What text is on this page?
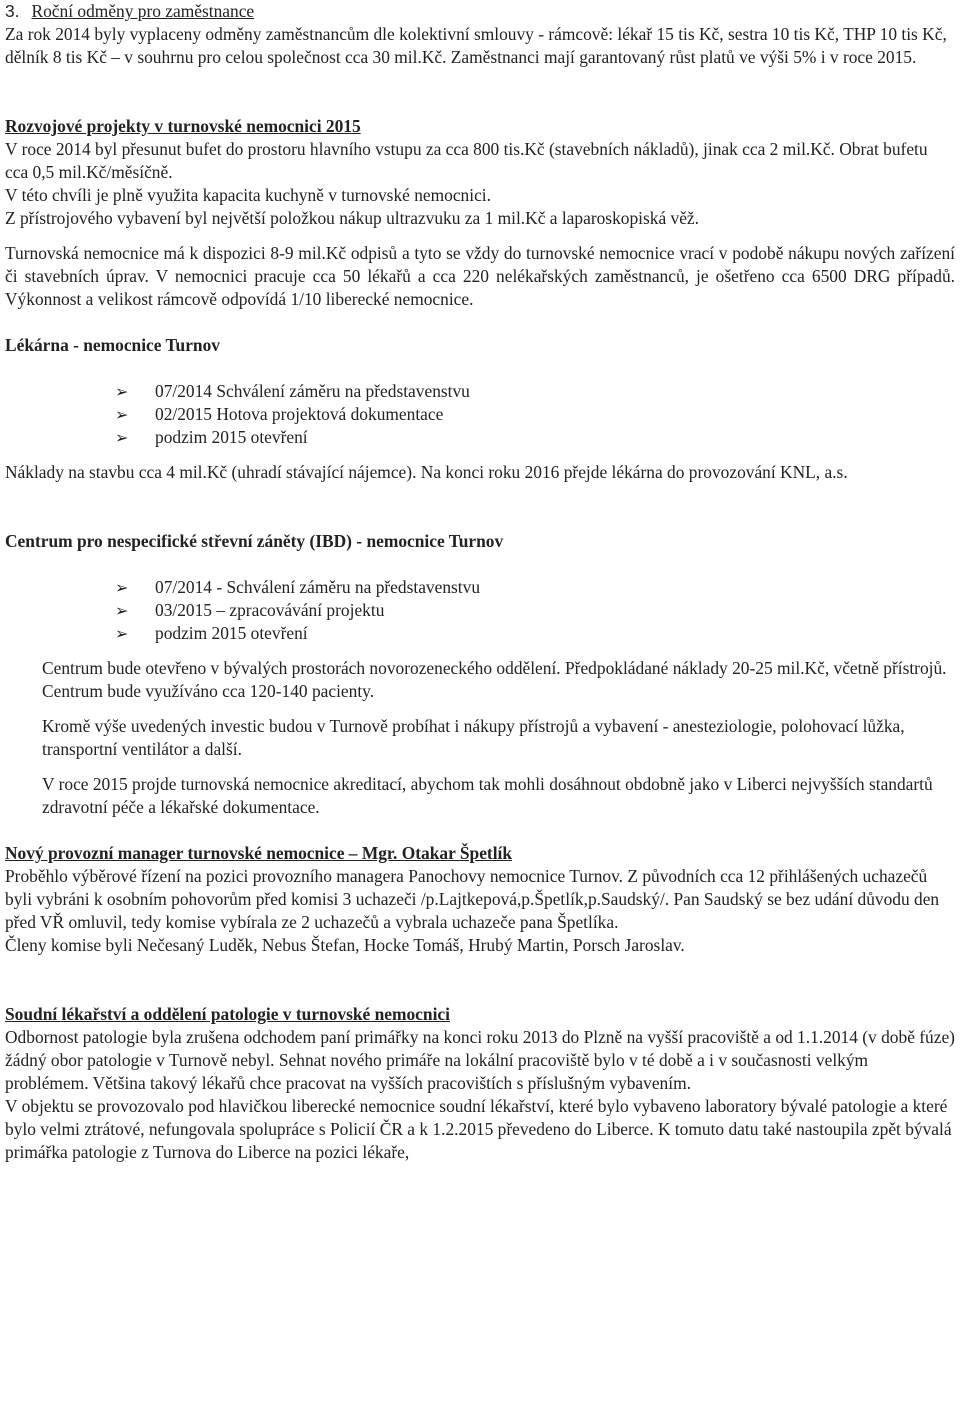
3. Roční odměny pro zaměstnance

Za rok 2014 byly vyplaceny odměny zaměstnancům dle kolektivní smlouvy - rámcově: lékař 15 tis Kč, sestra 10 tis Kč, THP 10 tis Kč, dělník 8 tis Kč – v souhrnu pro celou společnost cca 30 mil.Kč. Zaměstnanci mají garantovaný růst platů ve výši 5% i v roce 2015.

Rozvojové projekty v turnovské nemocnici 2015

V roce 2014 byl přesunut bufet do prostoru hlavního vstupu za cca 800 tis.Kč (stavebních nákladů), jinak cca 2 mil.Kč. Obrat bufetu cca 0,5 mil.Kč/měsíčně.

V této chvíli je plně využita kapacita kuchyně v turnovské nemocnici.

Z přístrojového vybavení byl největší položkou nákup ultrazvuku za 1 mil.Kč a laparoskopiská věž.

Turnovská nemocnice má k dispozici 8-9 mil.Kč odpisů a tyto se vždy do turnovské nemocnice vrací v podobě nákupu nových zařízení či stavebních úprav. V nemocnici pracuje cca 50 lékařů a cca 220 nelékařských zaměstnanců, je ošetřeno cca 6500 DRG případů. Výkonnost a velikost rámcově odpovídá 1/10 liberecké nemocnice.

Lékárna - nemocnice Turnov

➢	07/2014 Schválení záměru na představenstvu
➢	02/2015 Hotova projektová dokumentace
➢	podzim 2015 otevření

Náklady na stavbu cca 4 mil.Kč (uhradí stávající nájemce). Na konci roku 2016 přejde lékárna do provozování KNL, a.s.

Centrum pro nespecifické střevní záněty (IBD) - nemocnice Turnov

➢	07/2014 - Schválení záměru na představenstvu
➢	03/2015 – zpracovávání projektu
➢	podzim 2015 otevření

Centrum bude otevřeno v bývalých prostorách novorozeneckého oddělení. Předpokládané náklady 20-25 mil.Kč, včetně přístrojů. Centrum bude využíváno cca 120-140 pacienty.

Kromě výše uvedených investic budou v Turnově probíhat i nákupy přístrojů a vybavení - anesteziologie, polohovací lůžka, transportní ventilátor a další.

V roce 2015 projde turnovská nemocnice akreditací, abychom tak mohli dosáhnout obdobně jako v Liberci nejvyšších standartů zdravotní péče a lékařské dokumentace.

Nový provozní manager turnovské nemocnice – Mgr. Otakar Špetlík

Proběhlo výběrové řízení na pozici provozního managera Panochovy nemocnice Turnov. Z původních cca 12 přihlášených uchazečů byli vybráni k osobním pohovorům před komisi 3 uchazeči /p.Lajtkepová,p.Špetlík,p.Saudský/. Pan Saudský se bez udání důvodu den před VŘ omluvil, tedy komise vybírala ze 2 uchazečů a vybrala uchazeče pana Špetlíka.

Členy komise byli Nečesaný Luděk, Nebus Štefan, Hocke Tomáš, Hrubý Martin, Porsch Jaroslav.

Soudní lékařství a oddělení patologie v turnovské nemocnici

Odbornost patologie byla zrušena odchodem paní primářky na konci roku 2013 do Plzně na vyšší pracoviště a od 1.1.2014 (v době fúze) žádný obor patologie v Turnově nebyl. Sehnat nového primáře na lokální pracoviště bylo v té době a i v současnosti velkým problémem. Většina takový lékařů chce pracovat na vyšších pracovištích s příslušným vybavením.

V objektu se provozovalo pod hlavičkou liberecké nemocnice soudní lékařství, které bylo vybaveno laboratory bývalé patologie a které bylo velmi ztrátové, nefungovala spolupráce s Policií ČR a k 1.2.2015 převedeno do Liberce. K tomuto datu také nastoupila zpět bývalá primářka patologie z Turnova do Liberce na pozici lékaře,
